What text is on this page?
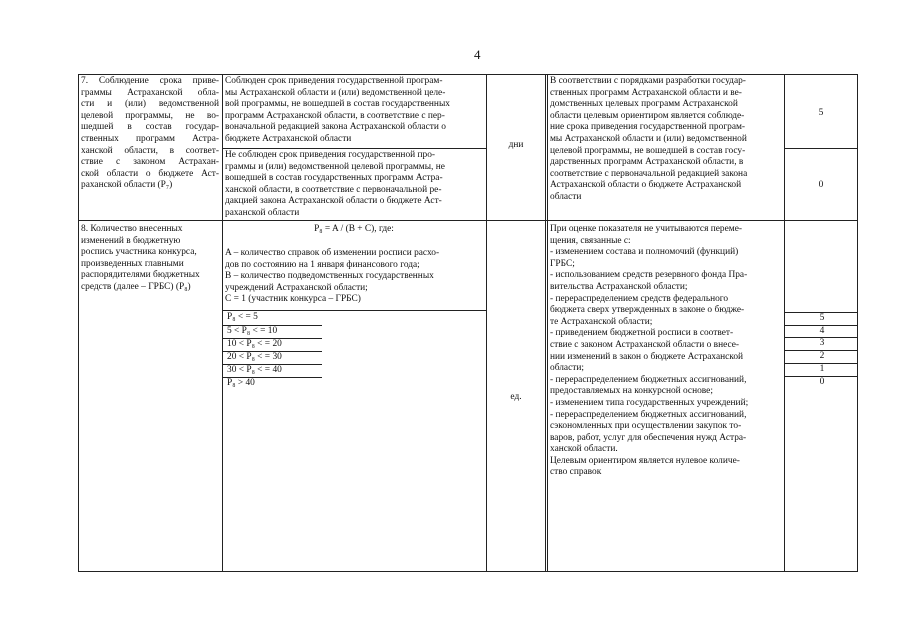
4
7. Соблюдение срока приве-
граммы Астраханской обла-
сти и (или) ведомственной
целевой программы, не во-
шедшей в состав государ-
ственных программ Астра-
ханской области, в соответ-
ствие с законом Астрахан-
ской области о бюджете Аст-
раханской области (P₇)
Соблюден срок приведения государственной програм-
мы Астраханской области и (или) ведомственной целе-
вой программы, не вошедшей в состав государственных
программ Астраханской области, в соответствие с пер-
воначальной редакцией закона Астраханской области о
бюджете Астраханской области
Не соблюден срок приведения государственной про-
граммы и (или) ведомственной целевой программы, не
вошедшей в состав государственных программ Астра-
ханской области, в соответствие с первоначальной ре-
дакцией закона Астраханской области о бюджете Аст-
раханской области
дни
В соответствии с порядками разработки государ-
ственных программ Астраханской области и ве-
домственных целевых программ Астраханской
области целевым ориентиром является соблюде-
ние срока приведения государственной програм-
мы Астраханской области и (или) ведомственной
целевой программы, не вошедшей в состав госу-
дарственных программ Астраханской области, в
соответствие с первоначальной редакцией закона
Астраханской области о бюджете Астраханской
области
5
0
8. Количество внесенных
изменений в бюджетную
роспись участника конкурса,
произведенных главными
распорядителями бюджетных
средств (далее – ГРБС) (P₈)
P₈ = A / (B + C), где:
A – количество справок об изменении росписи расхо-
дов по состоянию на 1 января финансового года;
B – количество подведомственных государственных
учреждений Астраханской области;
C = 1 (участник конкурса – ГРБС)
P₈ < = 5
5 < P₈ < = 10
10 < P₈ < = 20
20 < P₈ < = 30
30 < P₈ < = 40
P₈ > 40
ед.
При оценке показателя не учитываются переме-
щения, связанные с:
- изменением состава и полномочий (функций)
ГРБС;
- использованием средств резервного фонда Пра-
вительства Астраханской области;
- перераспределением средств федерального
бюджета сверх утвержденных в законе о бюдже-
те Астраханской области;
- приведением бюджетной росписи в соответ-
ствие с законом Астраханской области о внесе-
нии изменений в закон о бюджете Астраханской
области;
- перераспределением бюджетных ассигнований,
предоставляемых на конкурсной основе;
- изменением типа государственных учреждений;
- перераспределением бюджетных ассигнований,
сэкономленных при осуществлении закупок то-
варов, работ, услуг для обеспечения нужд Астра-
ханской области.
Целевым ориентиром является нулевое количе-
ство справок
5
4
3
2
1
0
